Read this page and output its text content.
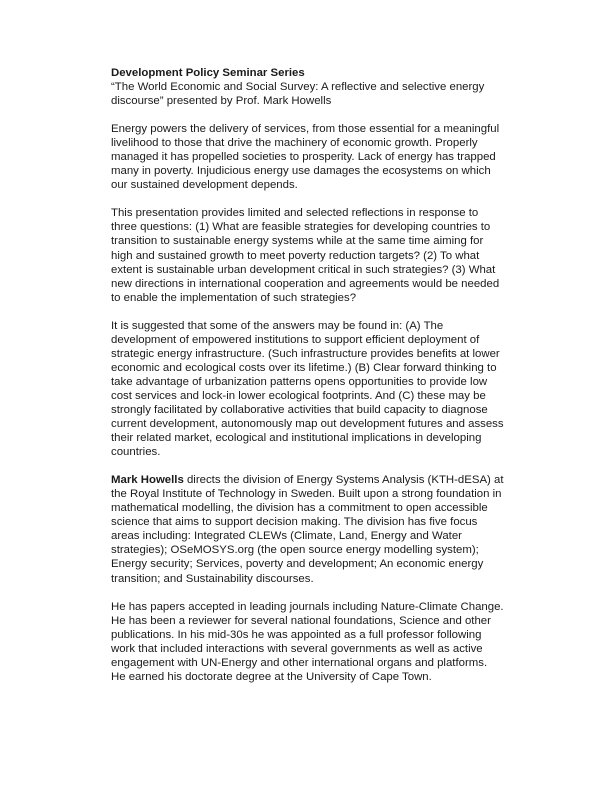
Development Policy Seminar Series
“The World Economic and Social Survey: A reflective and selective energy
discourse” presented by Prof. Mark Howells
Energy powers the delivery of services, from those essential for a meaningful
livelihood to those that drive the machinery of economic growth. Properly
managed it has propelled societies to prosperity. Lack of energy has trapped
many in poverty. Injudicious energy use damages the ecosystems on which
our sustained development depends.
This presentation provides limited and selected reflections in response to
three questions: (1) What are feasible strategies for developing countries to
transition to sustainable energy systems while at the same time aiming for
high and sustained growth to meet poverty reduction targets? (2) To what
extent is sustainable urban development critical in such strategies? (3) What
new directions in international cooperation and agreements would be needed
to enable the implementation of such strategies?
It is suggested that some of the answers may be found in: (A) The
development of empowered institutions to support efficient deployment of
strategic energy infrastructure. (Such infrastructure provides benefits at lower
economic and ecological costs over its lifetime.) (B) Clear forward thinking to
take advantage of urbanization patterns opens opportunities to provide low
cost services and lock-in lower ecological footprints. And (C) these may be
strongly facilitated by collaborative activities that build capacity to diagnose
current development, autonomously map out development futures and assess
their related market, ecological and institutional implications in developing
countries.
Mark Howells directs the division of Energy Systems Analysis (KTH-dESA) at
the Royal Institute of Technology in Sweden. Built upon a strong foundation in
mathematical modelling, the division has a commitment to open accessible
science that aims to support decision making. The division has five focus
areas including: Integrated CLEWs (Climate, Land, Energy and Water
strategies); OSeMOSYS.org (the open source energy modelling system);
Energy security; Services, poverty and development; An economic energy
transition; and Sustainability discourses.
He has papers accepted in leading journals including Nature-Climate Change.
He has been a reviewer for several national foundations, Science and other
publications. In his mid-30s he was appointed as a full professor following
work that included interactions with several governments as well as active
engagement with UN-Energy and other international organs and platforms.
He earned his doctorate degree at the University of Cape Town.
